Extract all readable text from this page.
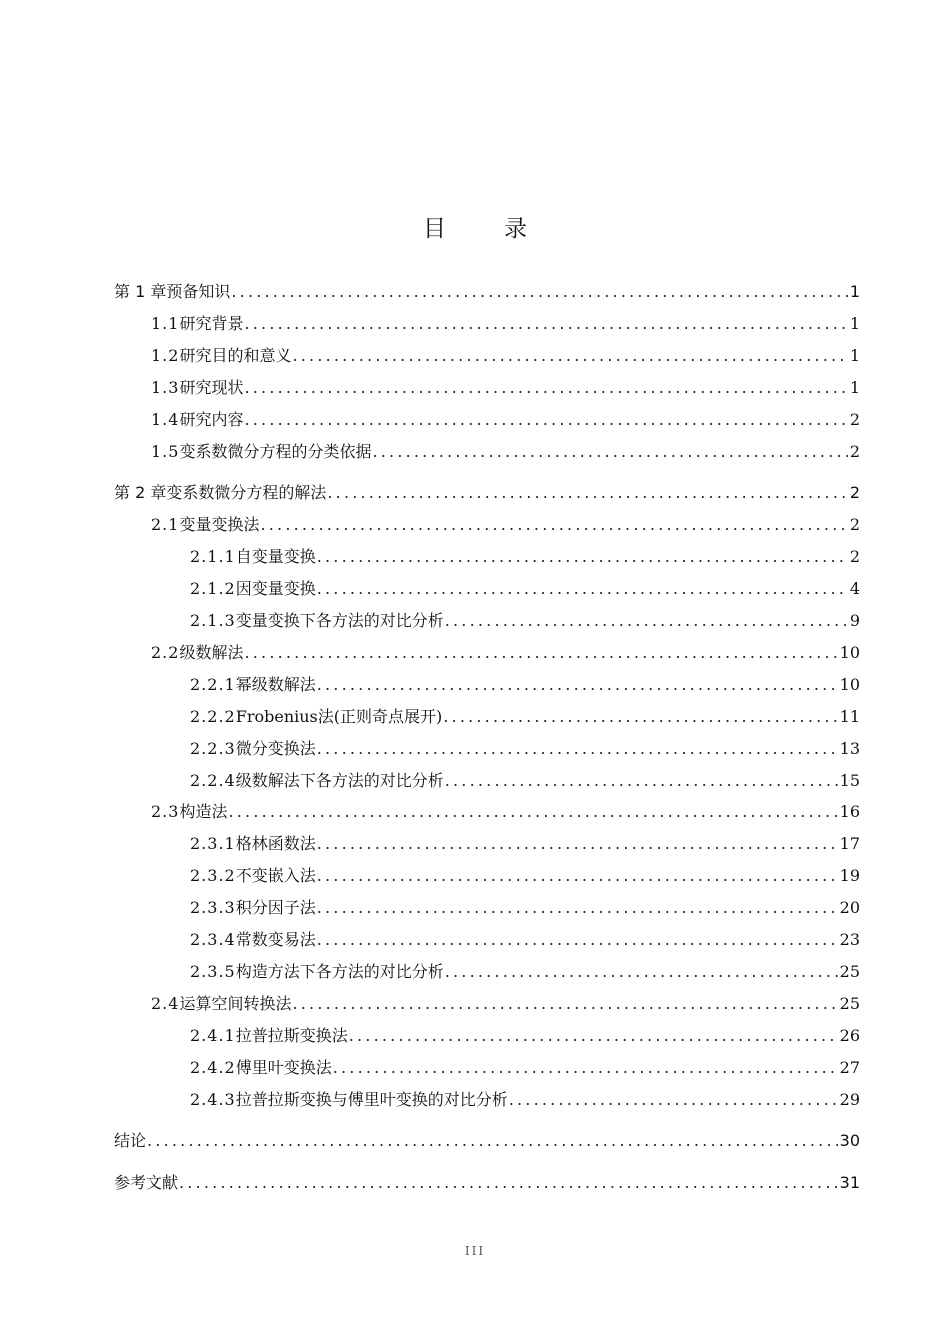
目	录
第 1 章 预备知识 .....	1
1.1 研究背景 .....	1
1.2 研究目的和意义 .....	1
1.3 研究现状 .....	1
1.4 研究内容 .....	2
1.5 变系数微分方程的分类依据 .....	2
第 2 章 变系数微分方程的解法 .....	2
2.1 变量变换法 .....	2
2.1.1 自变量变换 .....	2
2.1.2 因变量变换 .....	4
2.1.3 变量变换下各方法的对比分析 .....	9
2.2 级数解法 .....	10
2.2.1 幂级数解法 .....	10
2.2.2 Frobenius法(正则奇点展开) .....	11
2.2.3 微分变换法 .....	13
2.2.4 级数解法下各方法的对比分析 .....	15
2.3 构造法 .....	16
2.3.1 格林函数法 .....	17
2.3.2 不变嵌入法 .....	19
2.3.3 积分因子法 .....	20
2.3.4 常数变易法 .....	23
2.3.5 构造方法下各方法的对比分析 .....	25
2.4 运算空间转换法 .....	25
2.4.1 拉普拉斯变换法 .....	26
2.4.2 傅里叶变换法 .....	27
2.4.3 拉普拉斯变换与傅里叶变换的对比分析 .....	29
结论 .....	30
参考文献 .....	31
III
